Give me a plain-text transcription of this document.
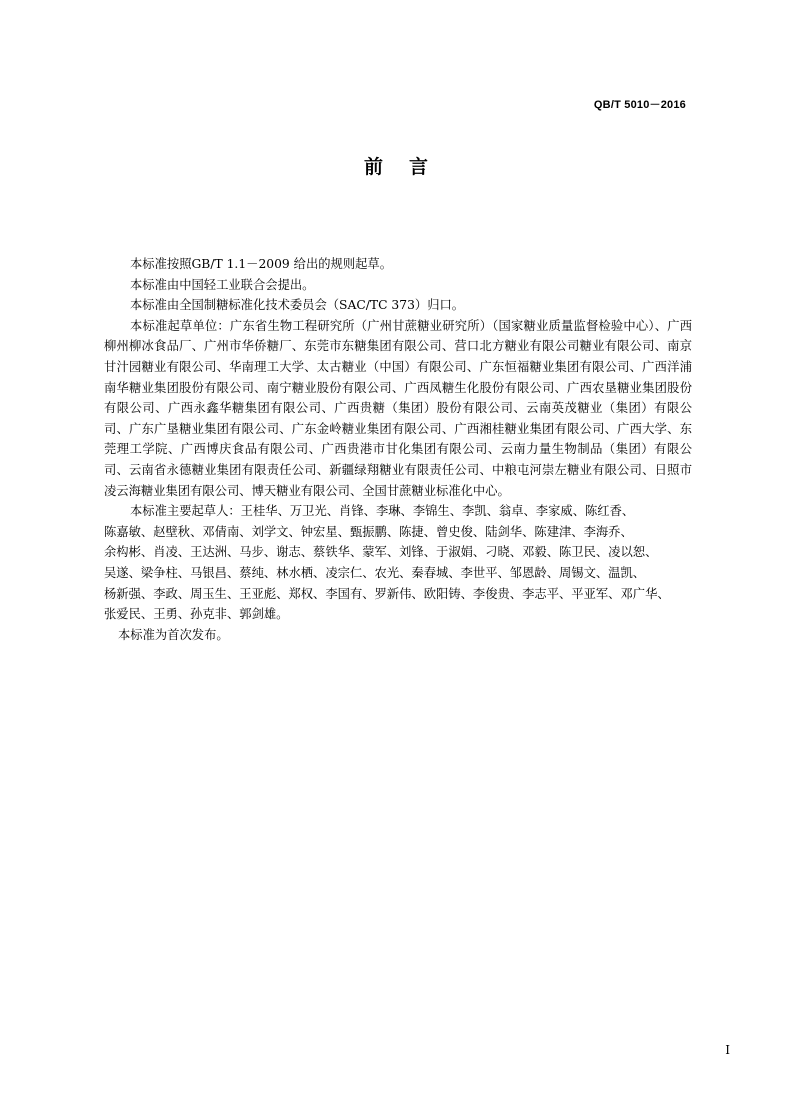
QB/T 5010－2016
前言

本标准按照GB/T 1.1－2009 给出的规则起草。

本标准由中国轻工业联合会提出。

本标准由全国制糖标准化技术委员会（SAC/TC 373）归口。

本标准起草单位：广东省生物工程研究所（广州甘蔗糖业研究所）（国家糖业质量监督检验中心）、广西柳州柳冰食品厂、广州市华侨糖厂、东莞市东糖集团有限公司、营口北方糖业有限公司糖业有限公司、南京甘汁园糖业有限公司、华南理工大学、太古糖业（中国）有限公司、广东恒福糖业集团有限公司、广西洋浦南华糖业集团股份有限公司、南宁糖业股份有限公司、广西凤糖生化股份有限公司、广西农垦糖业集团股份有限公司、广西永鑫华糖集团有限公司、广西贵糖（集团）股份有限公司、云南英茂糖业（集团）有限公司、广东广垦糖业集团有限公司、广东金岭糖业集团有限公司、广西湘桂糖业集团有限公司、广西大学、东莞理工学院、广西博庆食品有限公司、广西贵港市甘化集团有限公司、云南力量生物制品（集团）有限公司、云南省永德糖业集团有限责任公司、新疆绿翔糖业有限责任公司、中粮屯河崇左糖业有限公司、日照市凌云海糖业集团有限公司、博天糖业有限公司、全国甘蔗糖业标准化中心。

本标准主要起草人：王桂华、万卫光、肖锋、李琳、李锦生、李凯、翁卓、李家威、陈红香、

陈嘉敏、赵壁秋、邓倩南、刘学文、钟宏星、甄振鹏、陈捷、曾史俊、陆剑华、陈建津、李海乔、

余构彬、肖凌、王达洲、马步、谢志、蔡铁华、蒙军、刘锋、于淑娟、刁晓、邓毅、陈卫民、凌以恕、

吴遂、梁争柱、马银昌、蔡纯、林水栖、凌宗仁、农光、秦春城、李世平、邹恩龄、周锡文、温凯、

杨新强、李政、周玉生、王亚彪、郑权、李国有、罗新伟、欧阳铸、李俊贵、李志平、平亚军、邓广华、

张爱民、王勇、孙克非、郭剑雄。

本标准为首次发布。

I
